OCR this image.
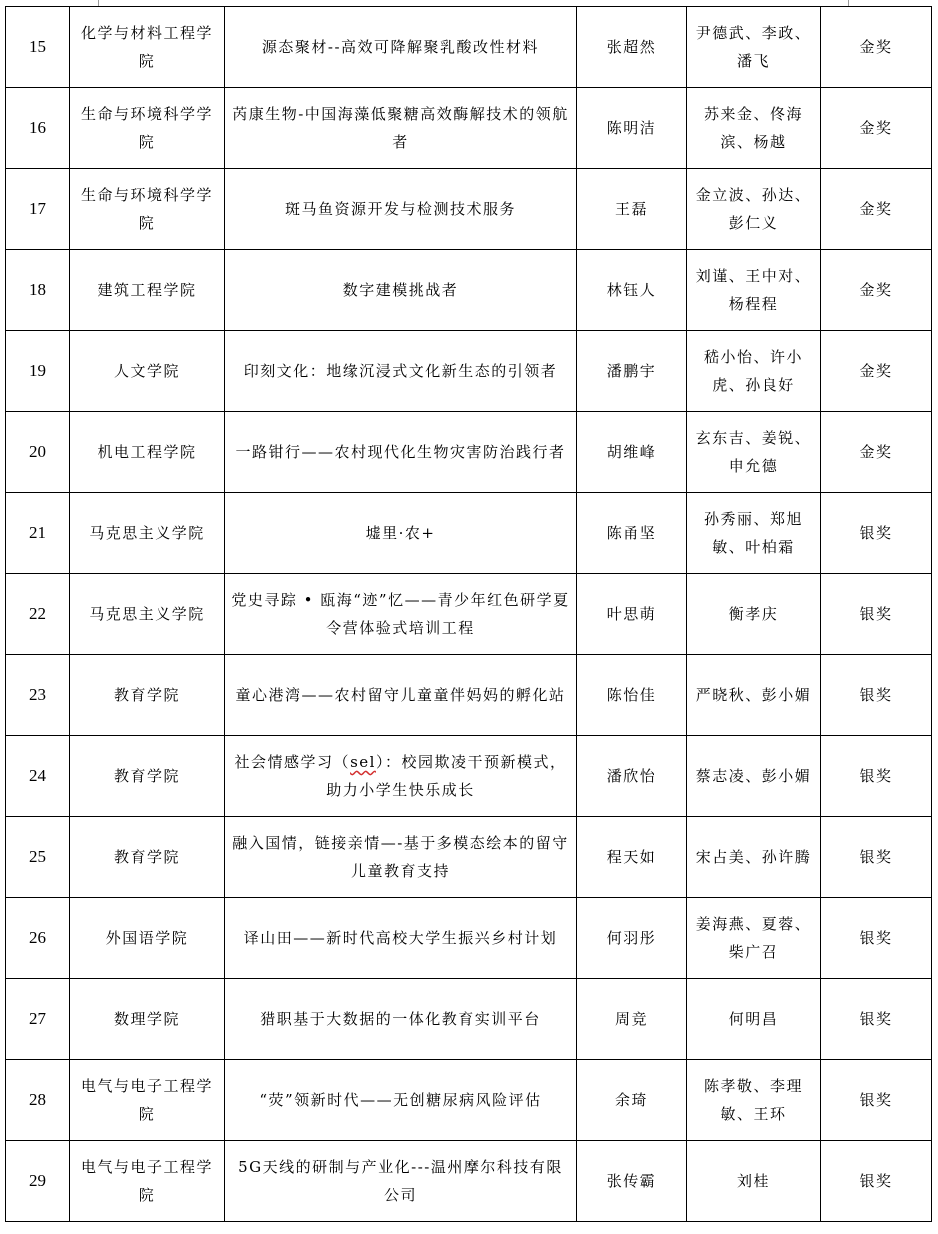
15	化学与材料工程学院	源态聚材--高效可降解聚乳酸改性材料	张超然	尹德武、李政、潘飞	金奖
16	生命与环境科学学院	芮康生物-中国海藻低聚糖高效酶解技术的领航者	陈明洁	苏来金、佟海滨、杨越	金奖
17	生命与环境科学学院	斑马鱼资源开发与检测技术服务	王磊	金立波、孙达、彭仁义	金奖
18	建筑工程学院	数字建模挑战者	林钰人	刘谨、王中对、杨程程	金奖
19	人文学院	印刻文化：地缘沉浸式文化新生态的引领者	潘鹏宇	嵇小怡、许小虎、孙良好	金奖
20	机电工程学院	一路钳行——农村现代化生物灾害防治践行者	胡维峰	玄东吉、姜锐、申允德	金奖
21	马克思主义学院	墟里·农+	陈甬坚	孙秀丽、郑旭敏、叶柏霜	银奖
22	马克思主义学院	党史寻踪 • 瓯海“迹”忆——青少年红色研学夏令营体验式培训工程	叶思萌	衡孝庆	银奖
23	教育学院	童心港湾——农村留守儿童童伴妈妈的孵化站	陈怡佳	严晓秋、彭小媚	银奖
24	教育学院	社会情感学习（sel）：校园欺凌干预新模式，助力小学生快乐成长	潘欣怡	蔡志凌、彭小媚	银奖
25	教育学院	融入国情，链接亲情—-基于多模态绘本的留守儿童教育支持	程天如	宋占美、孙许腾	银奖
26	外国语学院	译山田——新时代高校大学生振兴乡村计划	何羽彤	姜海燕、夏蓉、柴广召	银奖
27	数理学院	猎职基于大数据的一体化教育实训平台	周竞	何明昌	银奖
28	电气与电子工程学院	“荧”领新时代——无创糖尿病风险评估	余琦	陈孝敬、李理敏、王环	银奖
29	电气与电子工程学院	5G天线的研制与产业化---温州摩尔科技有限公司	张传霸	刘桂	银奖
